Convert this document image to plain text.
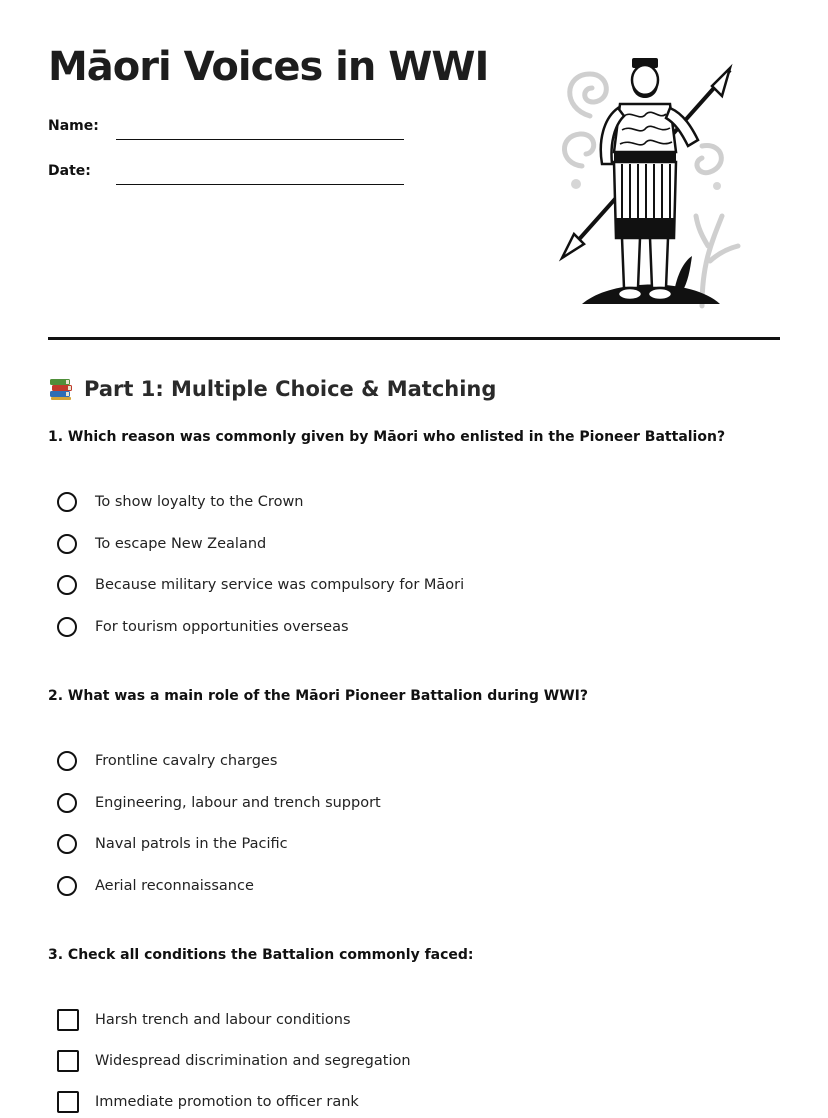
Māori Voices in WWI
Name:
Date:
Part 1: Multiple Choice & Matching
1. Which reason was commonly given by Māori who enlisted in the Pioneer Battalion?
To show loyalty to the Crown
To escape New Zealand
Because military service was compulsory for Māori
For tourism opportunities overseas
2. What was a main role of the Māori Pioneer Battalion during WWI?
Frontline cavalry charges
Engineering, labour and trench support
Naval patrols in the Pacific
Aerial reconnaissance
3. Check all conditions the Battalion commonly faced:
Harsh trench and labour conditions
Widespread discrimination and segregation
Immediate promotion to officer rank
